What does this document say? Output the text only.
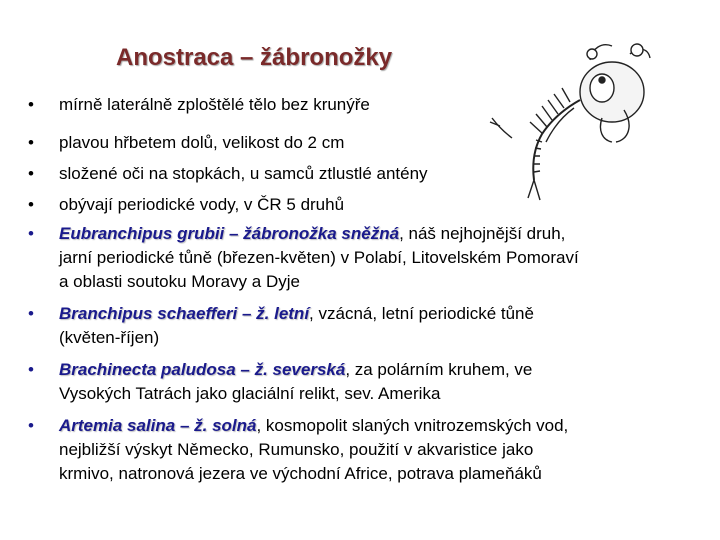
Anostraca – žábronožky
• mírně laterálně zploštělé tělo bez krunýře
• plavou hřbetem dolů, velikost do 2 cm
• složené oči na stopkách, u samců ztlustlé antény
• obývají periodické vody, v ČR 5 druhů
• Eubranchipus grubii – žábronožka sněžná, náš nejhojnější druh,
jarní periodické tůně (březen-květen) v Polabí, Litovelském Pomoraví
a oblasti soutoku Moravy a Dyje
• Branchipus schaefferi – ž. letní, vzácná, letní periodické tůně
(květen-říjen)
• Brachinecta paludosa – ž. severská, za polárním kruhem, ve
Vysokých Tatrách jako glaciální relikt, sev. Amerika
• Artemia salina – ž. solná, kosmopolit slaných vnitrozemských vod,
nejbližší výskyt Německo, Rumunsko, použití v akvaristice jako
krmivo, natronová jezera ve východní Africe, potrava plameňáků
